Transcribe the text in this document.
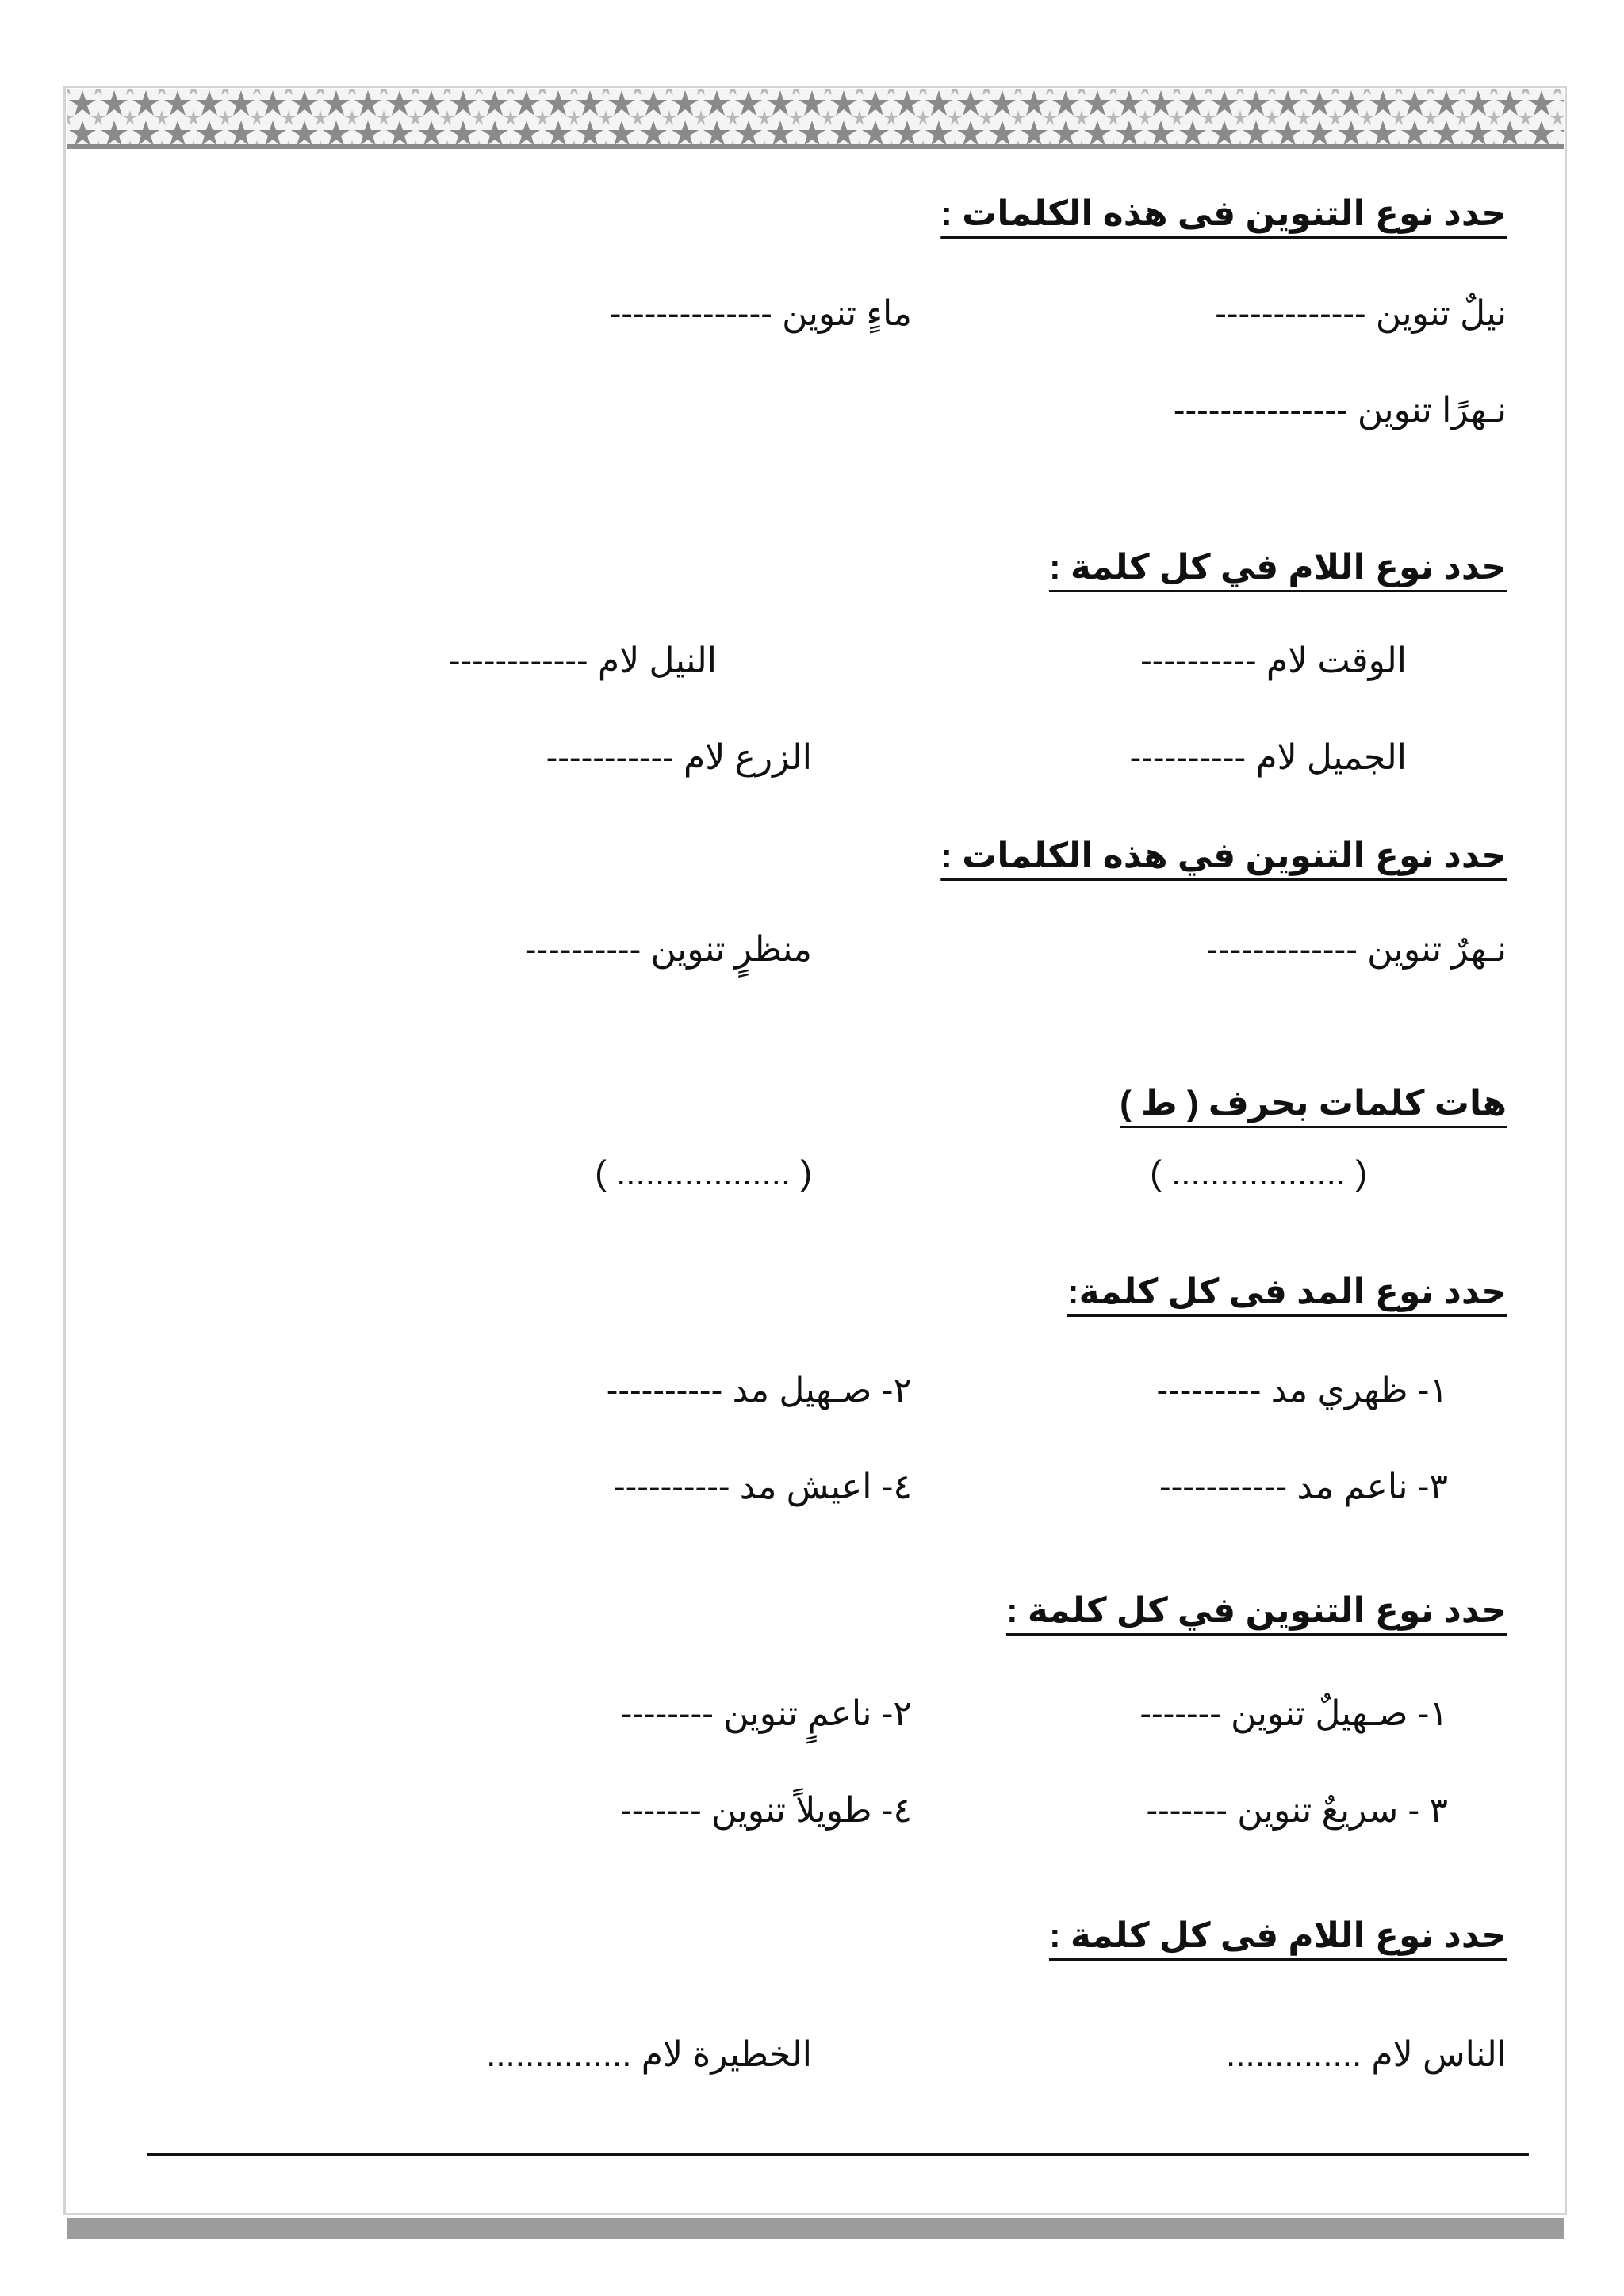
حدد نوع التنوين فى هذه الكلمات :
نيلٌ تنوين -------------
ماءٍ تنوين --------------
نـهرًا تنوين ---------------
حدد نوع اللام في كل كلمة :
الوقت لام ----------
النيل لام ------------
الجميل لام ----------
الزرع لام -----------
حدد نوع التنوين في هذه الكلمات :
نـهرٌ تنوين -------------
منظرٍ تنوين ----------
هات كلمات بحرف ( ط )
( .................. )
( .................. )
حدد نوع المد فى كل كلمة:
١- ظهري مد ---------
٢- صـهيل مد ----------
٣- ناعم مد -----------
٤- اعيش مد ----------
حدد نوع التنوين في كل كلمة :
١- صـهيلٌ تنوين -------
٢- ناعمٍ تنوين --------
٣ - سريعٌ تنوين -------
٤- طويلاً تنوين -------
حدد نوع اللام فى كل كلمة :
الناس لام ..............
الخطيرة لام ...............
